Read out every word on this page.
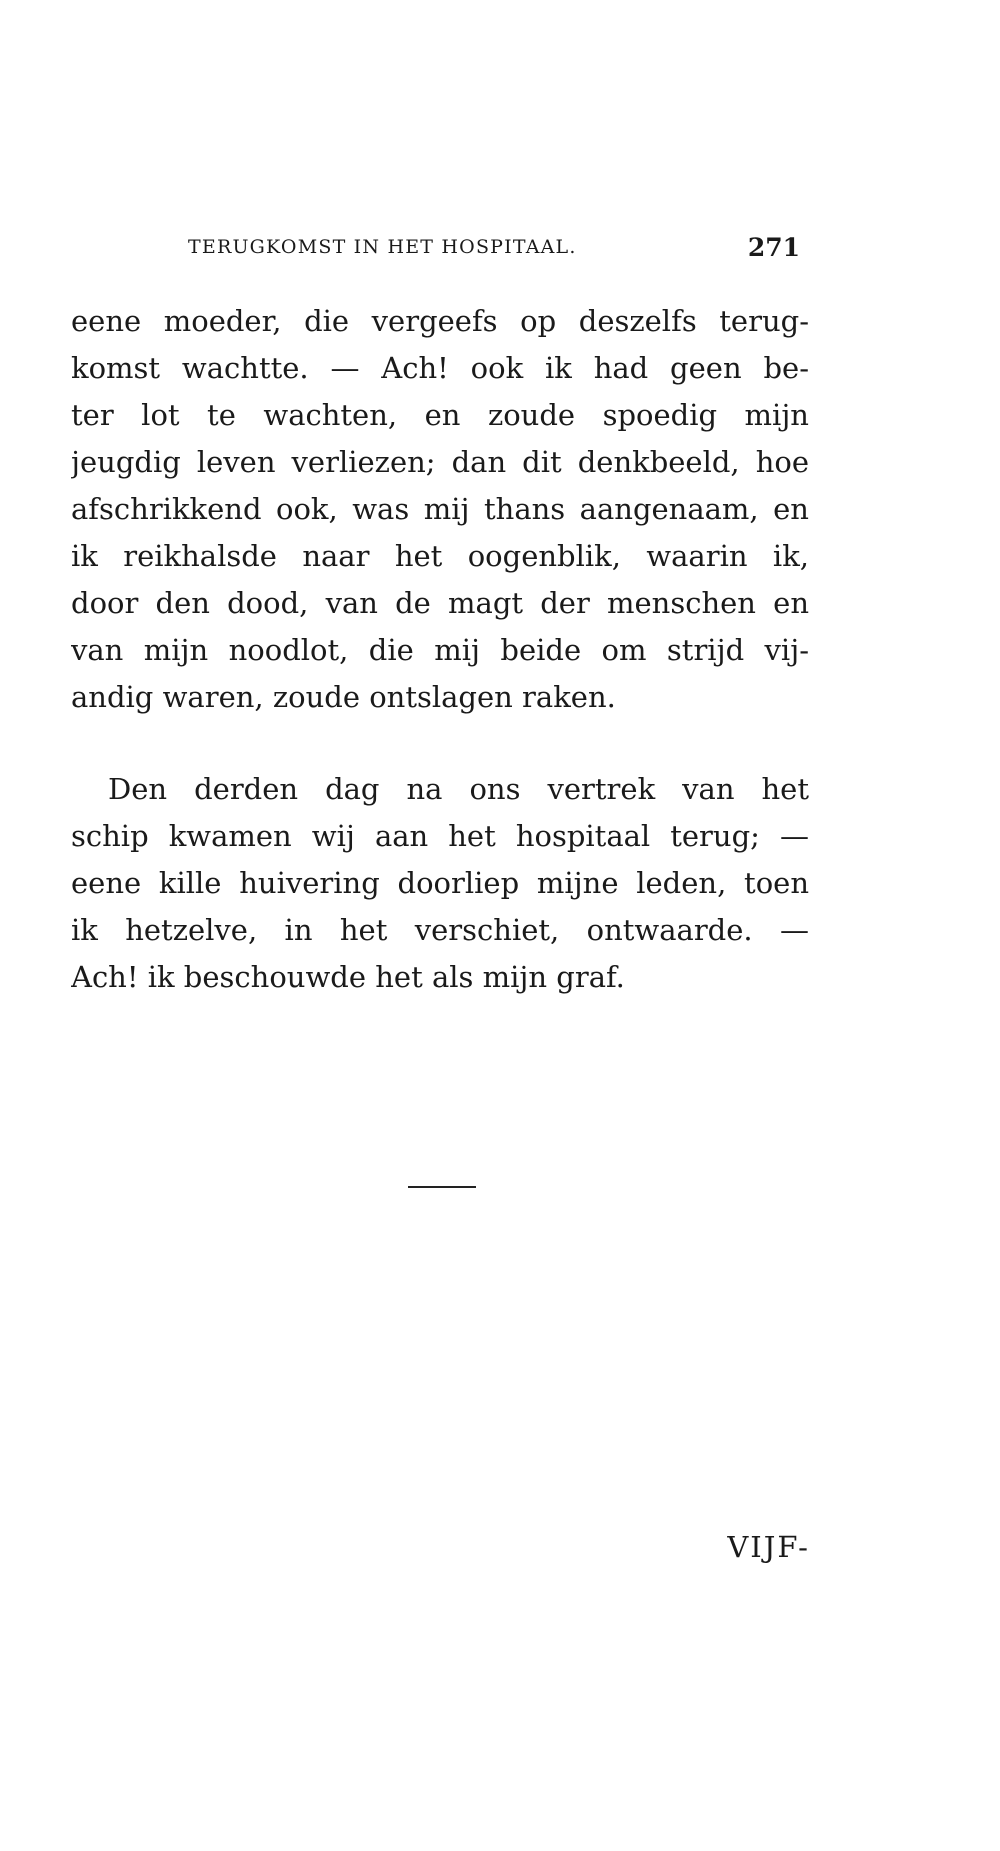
TERUGKOMST IN HET HOSPITAAL.	271
eene moeder, die vergeefs op deszelfs terug-
komst wachtte. — Ach! ook ik had geen be-
ter lot te wachten, en zoude spoedig mijn
jeugdig leven verliezen; dan dit denkbeeld, hoe
afschrikkend ook, was mij thans aangenaam, en
ik reikhalsde naar het oogenblik, waarin ik,
door den dood, van de magt der menschen en
van mijn noodlot, die mij beide om strijd vij-
andig waren, zoude ontslagen raken.
Den derden dag na ons vertrek van het
schip kwamen wij aan het hospitaal terug; —
eene kille huivering doorliep mijne leden, toen
ik hetzelve, in het verschiet, ontwaarde. —
Ach! ik beschouwde het als mijn graf.
VIJF-
